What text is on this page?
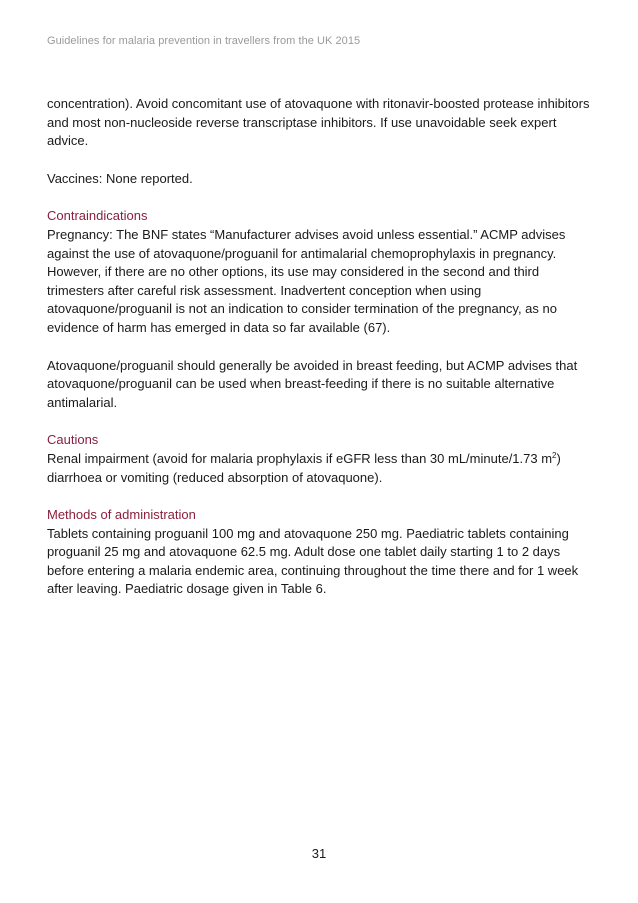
Guidelines for malaria prevention in travellers from the UK 2015

concentration). Avoid concomitant use of atovaquone with ritonavir-boosted protease inhibitors and most non-nucleoside reverse transcriptase inhibitors. If use unavoidable seek expert advice.

Vaccines: None reported.

Contraindications

Pregnancy: The BNF states “Manufacturer advises avoid unless essential.” ACMP advises against the use of atovaquone/proguanil for antimalarial chemoprophylaxis in pregnancy. However, if there are no other options, its use may considered in the second and third trimesters after careful risk assessment. Inadvertent conception when using atovaquone/proguanil is not an indication to consider termination of the pregnancy, as no evidence of harm has emerged in data so far available (67).

Atovaquone/proguanil should generally be avoided in breast feeding, but ACMP advises that atovaquone/proguanil can be used when breast-feeding if there is no suitable alternative antimalarial.

Cautions

Renal impairment (avoid for malaria prophylaxis if eGFR less than 30 mL/minute/1.73 $m^2$) diarrhoea or vomiting (reduced absorption of atovaquone).

Methods of administration

Tablets containing proguanil 100 mg and atovaquone 250 mg. Paediatric tablets containing proguanil 25 mg and atovaquone 62.5 mg. Adult dose one tablet daily starting 1 to 2 days before entering a malaria endemic area, continuing throughout the time there and for 1 week after leaving. Paediatric dosage given in Table 6.

31
